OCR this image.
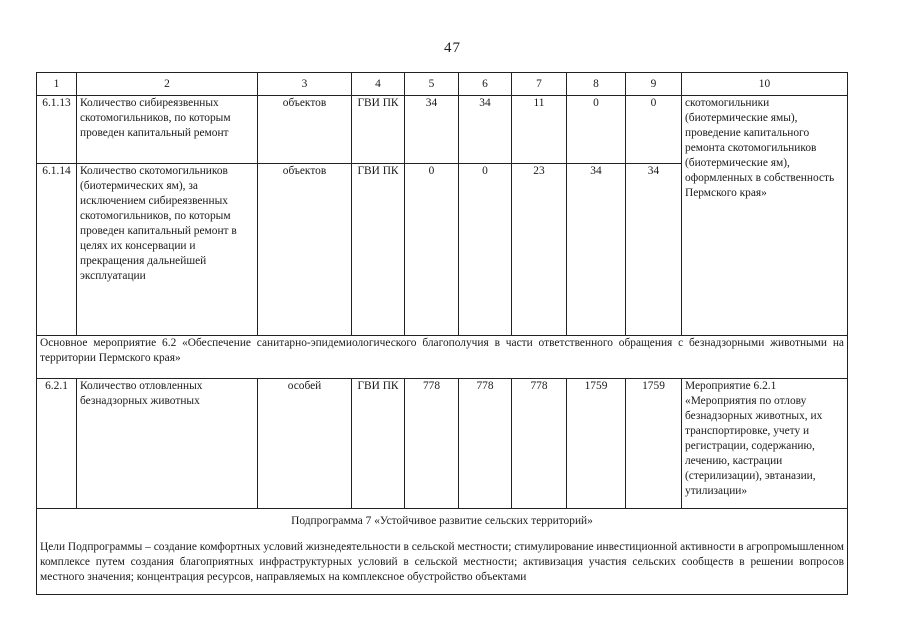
47
1	2	3	4	5	6	7	8	9	10
6.1.13	Количество сибиреязвенных скотомогильников, по которым проведен капитальный ремонт	объектов	ГВИ ПК	34	34	11	0	0	скотомогильники (биотермические ямы), проведение капитального ремонта скотомогильников (биотермические ям), оформленных в собственность Пермского края»
6.1.14	Количество скотомогильников (биотермических ям), за исключением сибиреязвенных скотомогильников, по которым проведен капитальный ремонт в целях их консервации и прекращения дальнейшей эксплуатации	объектов	ГВИ ПК	0	0	23	34	34	
Основное мероприятие 6.2 «Обеспечение санитарно-эпидемиологического благополучия в части ответственного обращения с безнадзорными животными на территории Пермского края»									
6.2.1	Количество отловленных безнадзорных животных	особей	ГВИ ПК	778	778	778	1759	1759	Мероприятие 6.2.1
«Мероприятия по отлову безнадзорных животных, их транспортировке, учету и регистрации, содержанию, лечению, кастрации (стерилизации), эвтаназии, утилизации»

Подпрограмма 7 «Устойчивое развитие сельских территорий»
Цели Подпрограммы – создание комфортных условий жизнедеятельности в сельской местности; стимулирование инвестиционной активности в агропромышленном комплексе путем создания благоприятных инфраструктурных условий в сельской местности; активизация участия сельских сообществ в решении вопросов местного значения; концентрация ресурсов, направляемых на комплексное обустройство объектами									
